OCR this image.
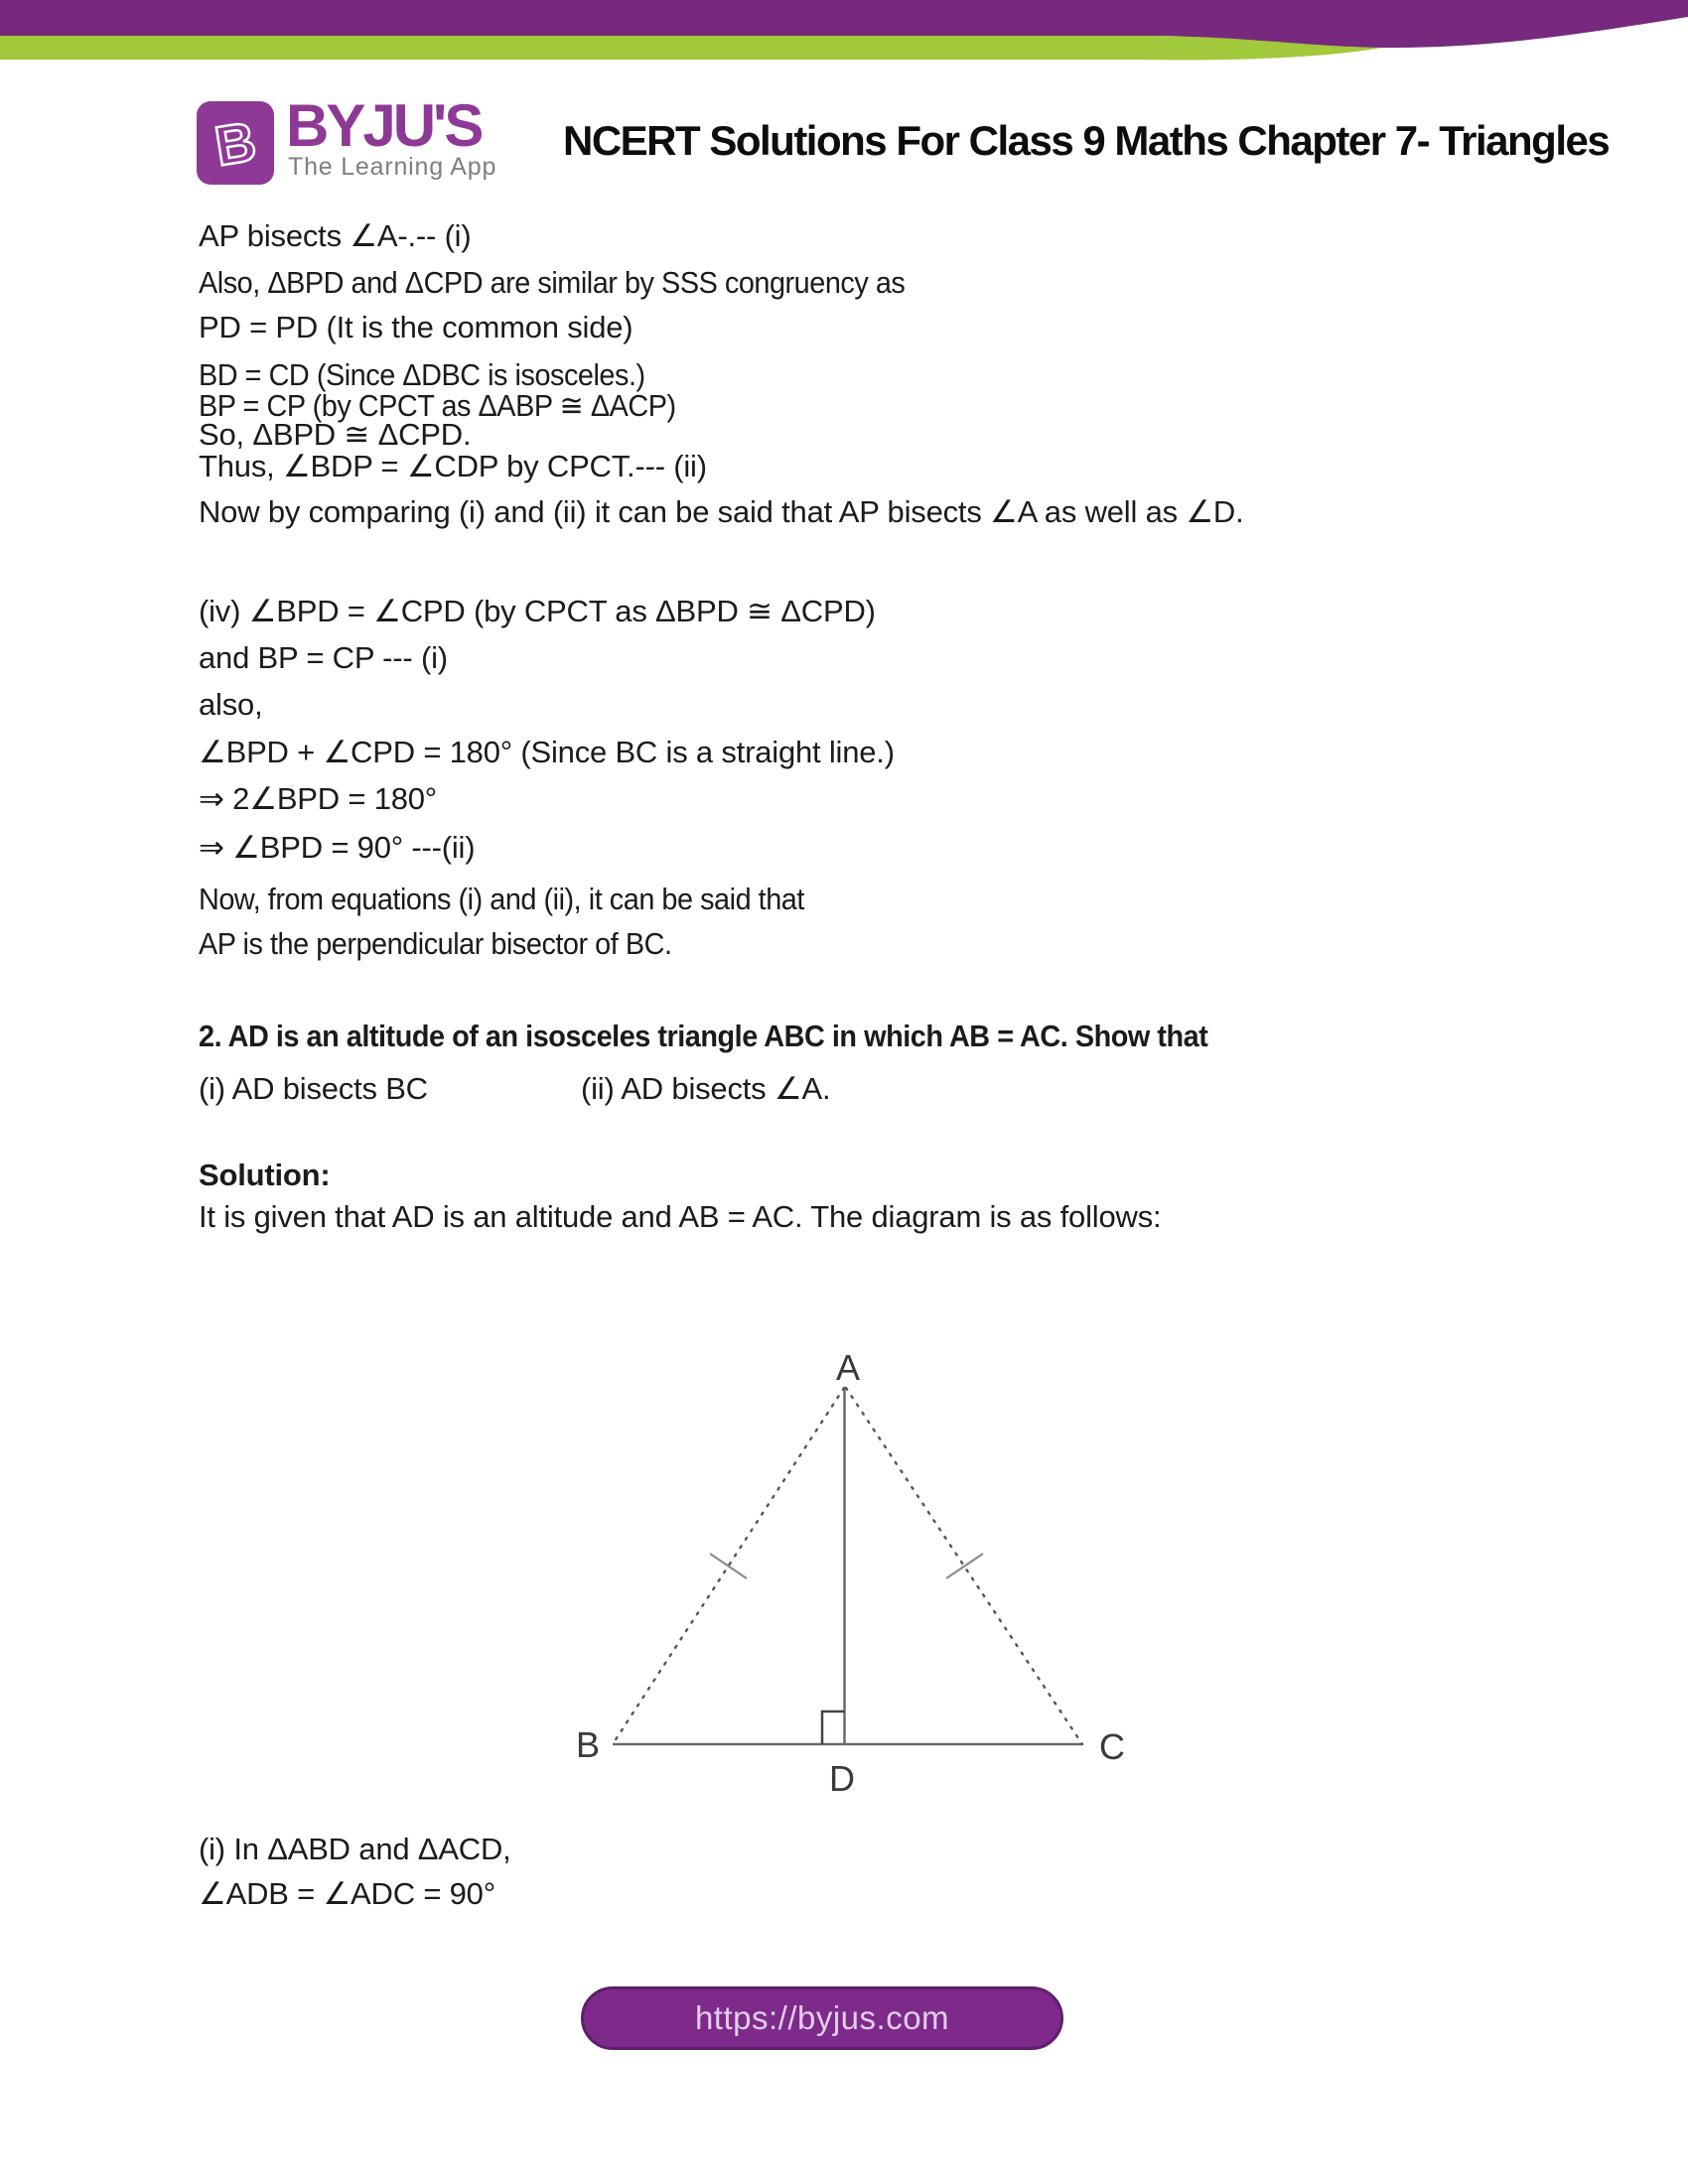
B BYJU'S
The Learning App
NCERT Solutions For Class 9 Maths Chapter 7- Triangles
AP bisects ∠A-.-- (i)
Also, ΔBPD and ΔCPD are similar by SSS congruency as
PD = PD (It is the common side)
BD = CD (Since ΔDBC is isosceles.)
BP = CP (by CPCT as ΔABP ≅ ΔACP)
So, ΔBPD ≅ ΔCPD.
Thus, ∠BDP = ∠CDP by CPCT.--- (ii)
Now by comparing (i) and (ii) it can be said that AP bisects ∠A as well as ∠D.
(iv) ∠BPD = ∠CPD (by CPCT as ΔBPD ≅ ΔCPD)
and BP = CP --- (i)
also,
∠BPD + ∠CPD = 180° (Since BC is a straight line.)
⇒ 2∠BPD = 180°
⇒ ∠BPD = 90° ---(ii)
Now, from equations (i) and (ii), it can be said that
AP is the perpendicular bisector of BC.
2. AD is an altitude of an isosceles triangle ABC in which AB = AC. Show that
(i) AD bisects BC	(ii) AD bisects ∠A.
Solution:
It is given that AD is an altitude and AB = AC. The diagram is as follows:
A
B	C
D
(i) In ΔABD and ΔACD,
∠ADB = ∠ADC = 90°
https://byjus.com
